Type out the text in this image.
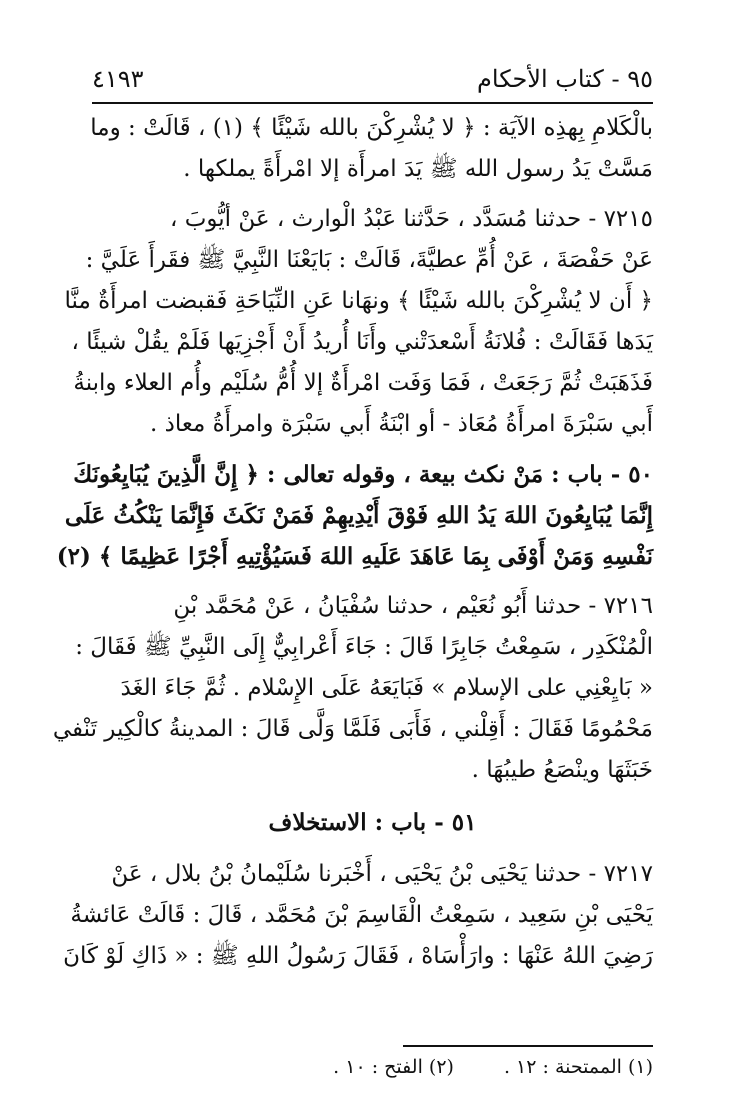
٩٥ - كتاب الأحكام
٤١٩٣
بالْكَلامِ بِهذِه الآيَة : ﴿ لا يُشْرِكْنَ بالله شَيْئًا ﴾ (١) ، قَالَتْ : وما
مَسَّتْ يَدُ رسول الله ﷺ يَدَ امرأَة إلا امْرأَةً يملكها .
٧٢١٥ - حدثنا مُسَدَّد ، حَدَّثنا عَبْدُ الْوارث ، عَنْ أيُّوبَ ،
عَنْ حَفْصَةَ ، عَنْ أُمِّ عطيَّةَ، قَالَتْ : بَايَعْنَا النَّبِيَّ ﷺ فقَرأَ عَلَيَّ :
﴿ أَن لا يُشْرِكْنَ بالله شَيْئًا ﴾ ونهَانا عَنِ النِّيَاحَةِ فَقبضت امرأَةٌ منَّا
يَدَها فَقَالَتْ : فُلانَةُ أَسْعدَتْني وأَنَا أُريدُ أَنْ أَجْزِيَها فَلَمْ يقُلْ شيئًا ،
فَذَهَبَتْ ثُمَّ رَجَعَتْ ، فَمَا وَفَت امْرأَةٌ إلا أُمُّ سُلَيْم وأُم العلاء وابنةُ
أَبي سَبْرَةَ امرأَةُ مُعَاذ - أو ابْنَةُ أَبي سَبْرَة وامرأَةُ معاذ .
٥٠ - باب : مَنْ نكث بيعة ، وقوله تعالى : ﴿ إِنَّ الَّذِينَ يُبَايِعُونَكَ
إِنَّمَا يُبَايِعُونَ اللهَ يَدُ اللهِ فَوْقَ أَيْدِيهِمْ فَمَنْ نَكَثَ فَإِنَّمَا يَنْكُثُ عَلَى
نَفْسِهِ وَمَنْ أَوْفَى بِمَا عَاهَدَ عَلَيهِ اللهَ فَسَيُؤْتِيهِ أَجْرًا عَظِيمًا ﴾ (٢)
٧٢١٦ - حدثنا أَبُو نُعَيْم ، حدثنا سُفْيَانُ ، عَنْ مُحَمَّد بْنِ
الْمُنْكَدِر ، سَمِعْتُ جَابِرًا قَالَ : جَاءَ أَعْرابِيٌّ إِلَى النَّبِيِّ ﷺ فَقَالَ :
« بَايِعْنِي على الإسلام » فَبَايَعَهُ عَلَى الإِسْلام . ثُمَّ جَاءَ الغَدَ
مَحْمُومًا فَقَالَ : أَقِلْني ، فَأَبَى فَلَمَّا وَلَّى قَالَ : المدينةُ كالْكِير تَنْفي
خَبَثَهَا وينْصَعُ طيبُهَا .
٥١ - باب : الاستخلاف
٧٢١٧ - حدثنا يَحْيَى بْنُ يَحْيَى ، أَخْبَرنا سُلَيْمانُ بْنُ بلال ، عَنْ
يَحْيَى بْنِ سَعِيد ، سَمِعْتُ الْقَاسِمَ بْنَ مُحَمَّد ، قَالَ : قَالَتْ عَائشةُ
رَضِيَ اللهُ عَنْهَا : وارَأْسَاهْ ، فَقَالَ رَسُولُ اللهِ ﷺ : « ذَاكِ لَوْ كَانَ
(١) الممتحنة : ١٢ .
(٢) الفتح : ١٠ .
